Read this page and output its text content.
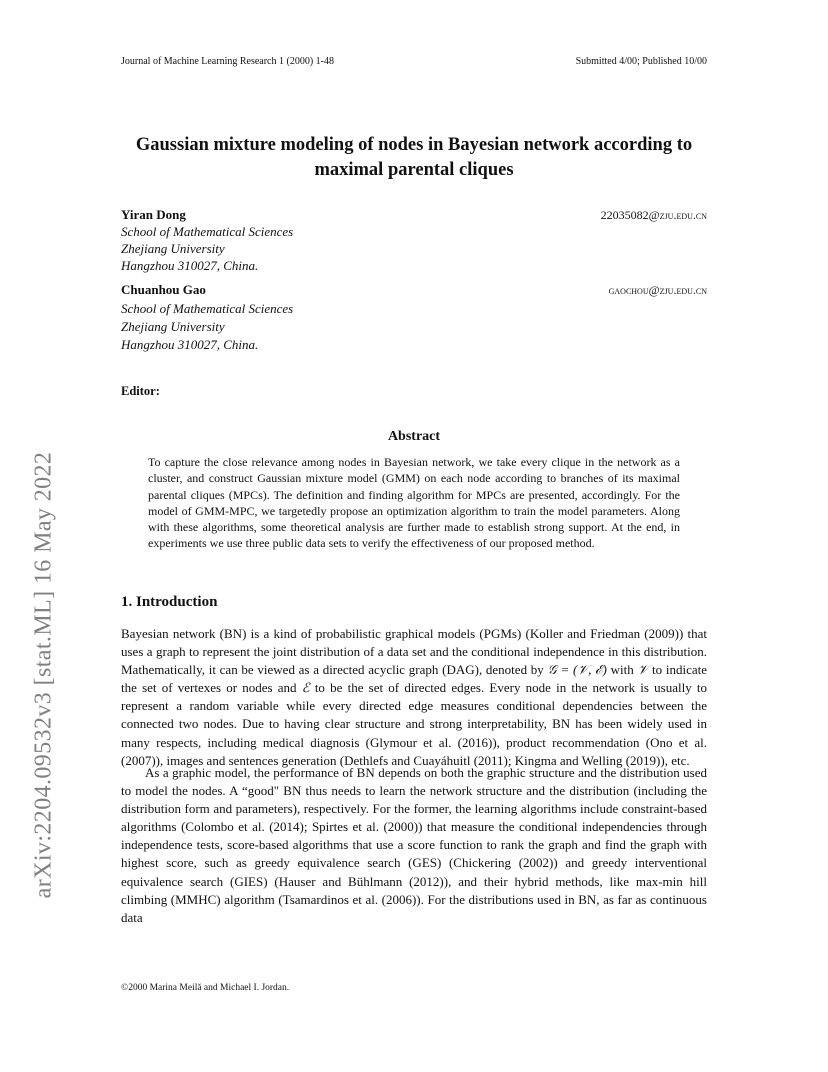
Journal of Machine Learning Research 1 (2000) 1-48	Submitted 4/00; Published 10/00
arXiv:2204.09532v3 [stat.ML] 16 May 2022
Gaussian mixture modeling of nodes in Bayesian network according to
maximal parental cliques
Yiran Dong
School of Mathematical Sciences
Zhejiang University
Hangzhou 310027, China.
22035082@zju.edu.cn
Chuanhou Gao
School of Mathematical Sciences
Zhejiang University
Hangzhou 310027, China.
gaochou@zju.edu.cn
Editor:
Abstract
To capture the close relevance among nodes in Bayesian network, we take every clique in the network as a cluster, and construct Gaussian mixture model (GMM) on each node according to branches of its maximal parental cliques (MPCs). The definition and finding algorithm for MPCs are presented, accordingly. For the model of GMM-MPC, we targetedly propose an optimization algorithm to train the model parameters. Along with these algorithms, some theoretical analysis are further made to establish strong support. At the end, in experiments we use three public data sets to verify the effectiveness of our proposed method.
1. Introduction
Bayesian network (BN) is a kind of probabilistic graphical models (PGMs) (Koller and Friedman (2009)) that uses a graph to represent the joint distribution of a data set and the conditional independence in this distribution. Mathematically, it can be viewed as a directed acyclic graph (DAG), denoted by 𝒢 = (𝒱, ℰ) with 𝒱 to indicate the set of vertexes or nodes and ℰ to be the set of directed edges. Every node in the network is usually to represent a random variable while every directed edge measures conditional dependencies between the connected two nodes. Due to having clear structure and strong interpretability, BN has been widely used in many respects, including medical diagnosis (Glymour et al. (2016)), product recommendation (Ono et al. (2007)), images and sentences generation (Dethlefs and Cuayáhuitl (2011); Kingma and Welling (2019)), etc.
As a graphic model, the performance of BN depends on both the graphic structure and the distribution used to model the nodes. A “good" BN thus needs to learn the network structure and the distribution (including the distribution form and parameters), respectively. For the former, the learning algorithms include constraint-based algorithms (Colombo et al. (2014); Spirtes et al. (2000)) that measure the conditional independencies through independence tests, score-based algorithms that use a score function to rank the graph and find the graph with highest score, such as greedy equivalence search (GES) (Chickering (2002)) and greedy interventional equivalence search (GIES) (Hauser and Bühlmann (2012)), and their hybrid methods, like max-min hill climbing (MMHC) algorithm (Tsamardinos et al. (2006)). For the distributions used in BN, as far as continuous data
©2000 Marina Meilă and Michael I. Jordan.
